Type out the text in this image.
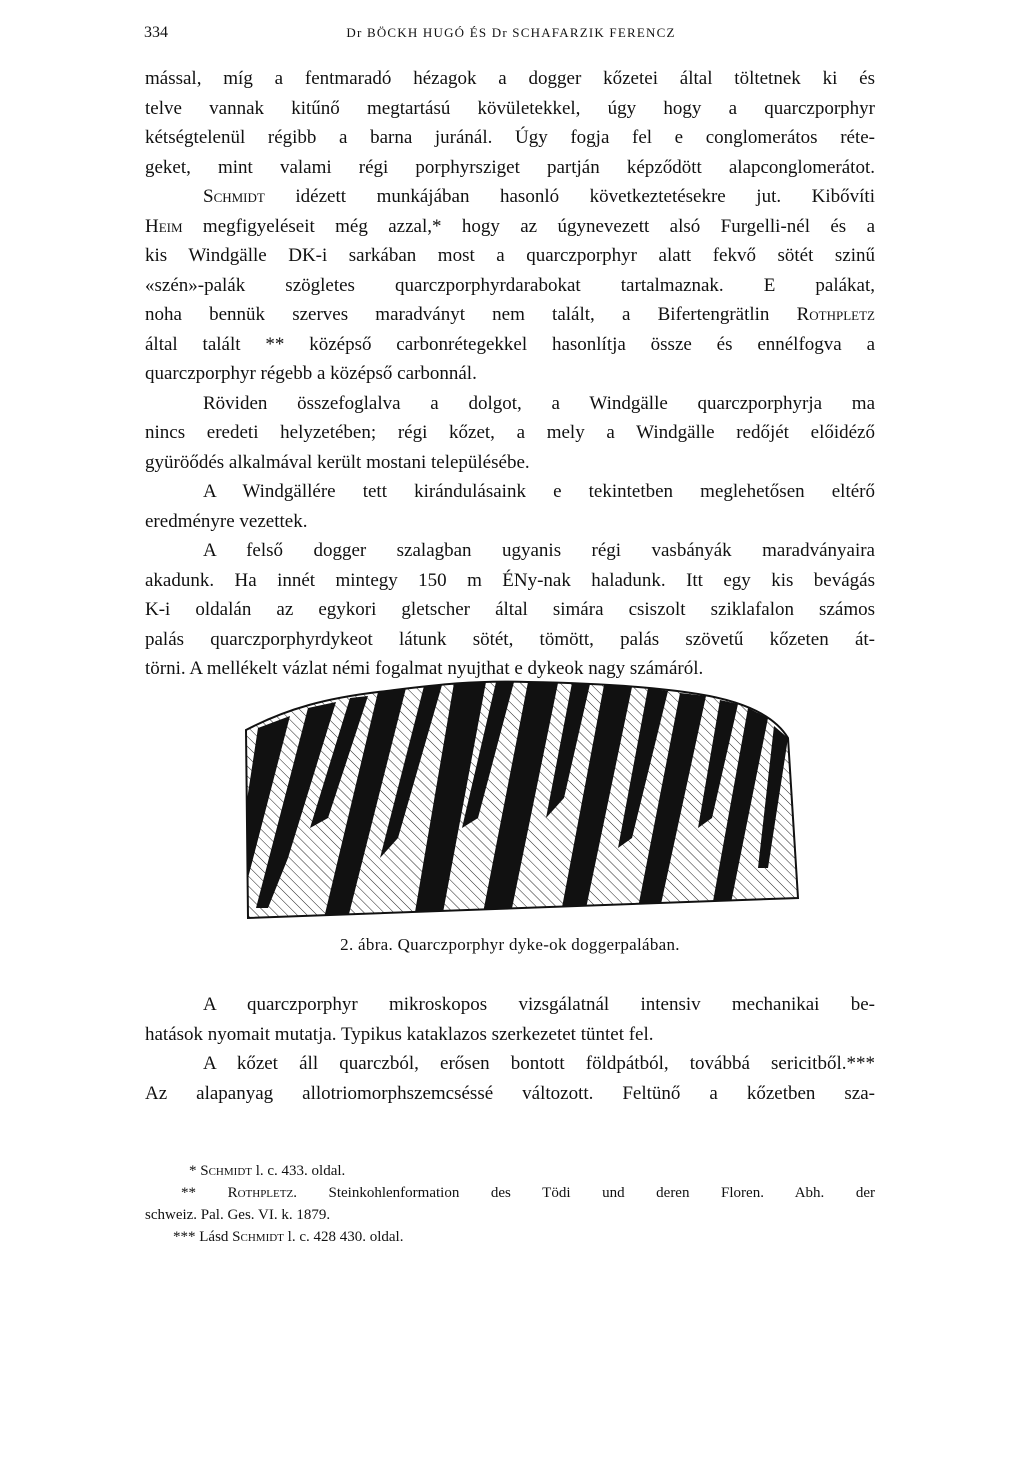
334	Dr BÖCKH HUGÓ ÉS Dr SCHAFARZIK FERENCZ
mással, míg a fentmaradó hézagok a dogger kőzetei által töltetnek ki és
telve vannak kitűnő megtartású kövületekkel, úgy hogy a quarczporphyr
kétségtelenül régibb a barna juránál. Úgy fogja fel e conglomerátos réte-
geket, mint valami régi porphyrsziget partján képződött alapconglomerátot.
Schmidt idézett munkájában hasonló következtetésekre jut. Kibővíti
Heim megfigyeléseit még azzal,* hogy az úgynevezett alsó Furgelli-nél és a
kis Windgälle DK-i sarkában most a quarczporphyr alatt fekvő sötét szinű
«szén»-palák szögletes quarczporphyrdarabokat tartalmaznak. E palákat,
noha bennük szerves maradványt nem talált, a Bifertengrätlin Rothpletz
által talált ** középső carbonrétegekkel hasonlítja össze és ennélfogva a
quarczporphyr régebb a középső carbonnál.
Röviden összefoglalva a dolgot, a Windgälle quarczporphyrja ma
nincs eredeti helyzetében; régi kőzet, a mely a Windgälle redőjét előidéző
gyüröődés alkalmával került mostani településébe.
A Windgällére tett kirándulásaink e tekintetben meglehetősen eltérő
eredményre vezettek.
A felső dogger szalagban ugyanis régi vasbányák maradványaira
akadunk. Ha innét mintegy 150 m ÉNy-nak haladunk. Itt egy kis bevágás
K-i oldalán az egykori gletscher által simára csiszolt sziklafalon számos
palás quarczporphyrdykeot látunk sötét, tömött, palás szövetű kőzeten át-
törni. A mellékelt vázlat némi fogalmat nyujthat e dykeok nagy számáról.
2. ábra. Quarczporphyr dyke-ok doggerpalában.
A quarczporphyr mikroskopos vizsgálatnál intensiv mechanikai be-
hatások nyomait mutatja. Typikus kataklazos szerkezetet tüntet fel.
A kőzet áll quarczból, erősen bontott földpátból, továbbá sericitből.***
Az alapanyag allotriomorphszemcséssé változott. Feltünő a kőzetben sza-
* Schmidt l. c. 433. oldal.
** Rothpletz. Steinkohlenformation des Tödi und deren Floren. Abh. der
schweiz. Pal. Ges. VI. k. 1879.
*** Lásd Schmidt l. c. 428 430. oldal.
